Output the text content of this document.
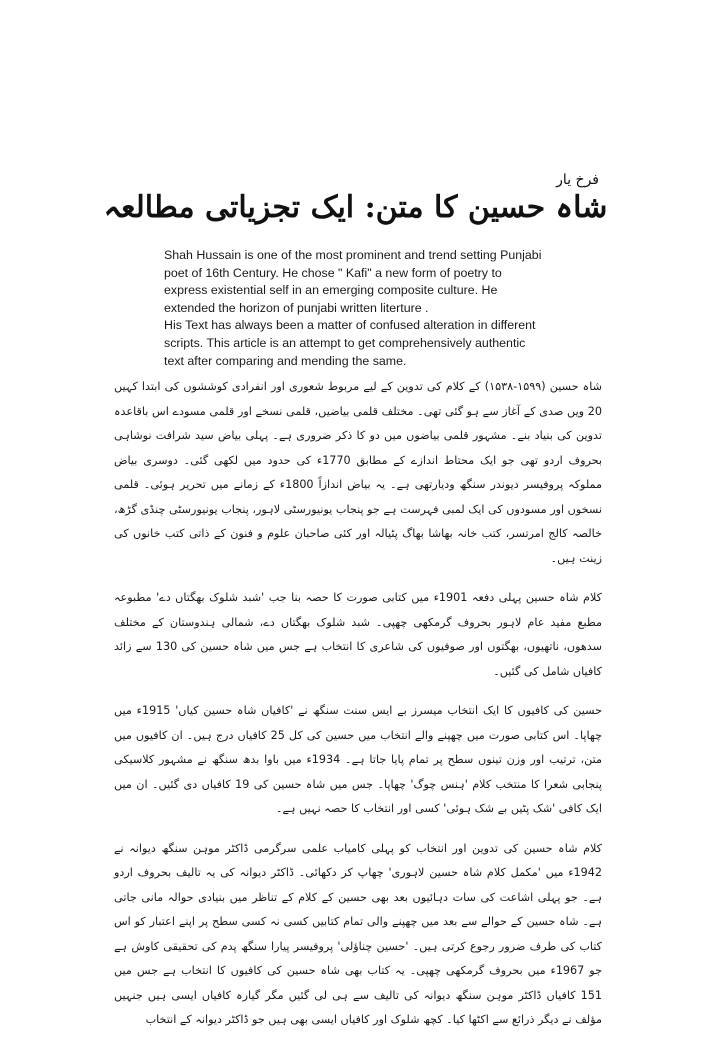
فرخ یار
شاہ حسین کا متن: ایک تجزیاتی مطالعہ

Shah Hussain is one of the most prominent and trend setting Punjabi poet of 16th Century. He chose " Kafi" a new form of poetry to express existential self in an emerging composite culture. He extended the horizon of punjabi written literture .

His Text has always been a matter of confused alteration in different scripts. This article is an attempt to get comprehensively authentic text after comparing and mending the same.

شاہ حسین (۱۵۹۹-۱۵۳۸) کے کلام کی تدوین کے لیے مربوط شعوری اور انفرادی کوششوں کی ابتدا کہیں 20 ویں صدی کے آغاز سے ہو گئی تھی۔ مختلف قلمی بیاضیں، قلمی نسخے اور قلمی مسودے اس باقاعدہ تدوین کی بنیاد بنے۔ مشہور قلمی بیاضوں میں دو کا ذکر ضروری ہے۔ پہلی بیاض سید شرافت نوشاہی بحروف اردو تھی جو ایک محتاط اندازے کے مطابق 1770ء کی حدود میں لکھی گئی۔ دوسری بیاض مملوکہ پروفیسر دیوندر سنگھ ودیارتھی ہے۔ یہ بیاض اندازاً 1800ء کے زمانے میں تحریر ہوئی۔ قلمی نسخوں اور مسودوں کی ایک لمبی فہرست ہے جو پنجاب یونیورسٹی لاہور، پنجاب یونیورسٹی چنڈی گڑھ، خالصہ کالج امرتسر، کتب خانہ بھاشا بھاگ پٹیالہ اور کئی صاحبان علوم و فنون کے ذاتی کتب خانوں کی زینت ہیں۔

کلام شاہ حسین پہلی دفعہ 1901ء میں کتابی صورت کا حصہ بنا جب 'شبد شلوک بھگتاں دے' مطبوعہ مطبع مفید عام لاہور بحروف گرمکھی چھپی۔ شبد شلوک بھگتاں دے، شمالی ہندوستان کے مختلف سدھوں، ناتھیوں، بھگتوں اور صوفیوں کی شاعری کا انتخاب ہے جس میں شاہ حسین کی 130 سے زائد کافیاں شامل کی گئیں۔

حسین کی کافیوں کا ایک انتخاب میسرز بے ایس سنت سنگھ نے 'کافیاں شاہ حسین کیاں' 1915ء میں چھاپا۔ اس کتابی صورت میں چھپنے والے انتخاب میں حسین کی کل 25 کافیاں درج ہیں۔ ان کافیوں میں متن، ترتیب اور وزن تینوں سطح پر تمام پایا جاتا ہے۔ 1934ء میں باوا بدھ سنگھ نے مشہور کلاسیکی پنجابی شعرا کا منتخب کلام 'ہنس چوگ' چھاپا۔ جس میں شاہ حسین کی 19 کافیاں دی گئیں۔ ان میں ایک کافی 'شک پٹیں بے شک ہوئی' کسی اور انتخاب کا حصہ نہیں ہے۔

کلام شاہ حسین کی تدوین اور انتخاب کو پہلی کامیاب علمی سرگرمی ڈاکٹر موہن سنگھ دیوانہ نے 1942ء میں 'مکمل کلام شاہ حسین لاہوری' چھاپ کر دکھائی۔ ڈاکٹر دیوانہ کی یہ تالیف بحروف اردو ہے۔ جو پہلی اشاعت کی سات دہائیوں بعد بھی حسین کے کلام کے تناظر میں بنیادی حوالہ مانی جاتی ہے۔ شاہ حسین کے حوالے سے بعد میں چھپنے والی تمام کتابیں کسی نہ کسی سطح پر اپنے اعتبار کو اس کتاب کی طرف ضرور رجوع کرتی ہیں۔ 'حسین چناؤلی' پروفیسر پیارا سنگھ پدم کی تحقیقی کاوش ہے جو 1967ء میں بحروف گرمکھی چھپی۔ یہ کتاب بھی شاہ حسین کی کافیوں کا انتخاب ہے جس میں 151 کافیاں ڈاکٹر موہن سنگھ دیوانہ کی تالیف سے ہی لی گئیں مگر گیارہ کافیاں ایسی ہیں جنہیں مؤلف نے دیگر ذرائع سے اکٹھا کیا۔ کچھ شلوک اور کافیاں ایسی بھی ہیں جو ڈاکٹر دیوانہ کے انتخاب
